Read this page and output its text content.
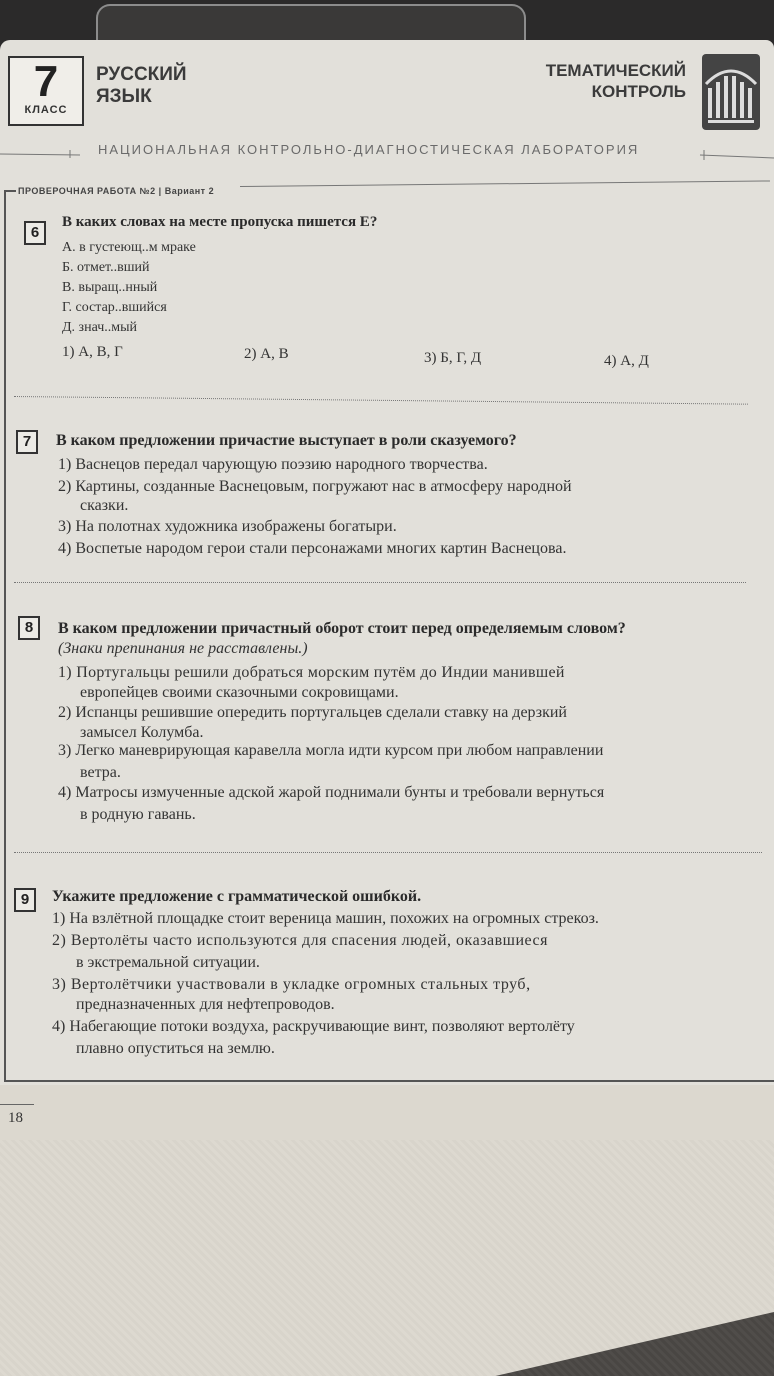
7
КЛАСС
РУССКИЙ
ЯЗЫК
ТЕМАТИЧЕСКИЙ
КОНТРОЛЬ
НАЦИОНАЛЬНАЯ КОНТРОЛЬНО-ДИАГНОСТИЧЕСКАЯ ЛАБОРАТОРИЯ
ПРОВЕРОЧНАЯ РАБОТА №2 | Вариант 2
6
В каких словах на месте пропуска пишется Е?
А. в густеющ..м мраке
Б. отмет..вший
В. выращ..нный
Г. состар..вшийся
Д. знач..мый
1) А, В, Г	2) А, В	3) Б, Г, Д	4) А, Д
7	В каком предложении причастие выступает в роли сказуемого?
1) Васнецов передал чарующую поэзию народного творчества.
2) Картины, созданные Васнецовым, погружают нас в атмосферу народной
сказки.
3) На полотнах художника изображены богатыри.
4) Воспетые народом герои стали персонажами многих картин Васнецова.
8	В каком предложении причастный оборот стоит перед определяемым словом?
(Знаки препинания не расставлены.)
1) Португальцы решили добраться морским путём до Индии манившей
европейцев своими сказочными сокровищами.
2) Испанцы решившие опередить португальцев сделали ставку на дерзкий
замысел Колумба.
3) Легко маневрирующая каравелла могла идти курсом при любом направлении
ветра.
4) Матросы измученные адской жарой поднимали бунты и требовали вернуться
в родную гавань.
9	Укажите предложение с грамматической ошибкой.
1) На взлётной площадке стоит вереница машин, похожих на огромных стрекоз.
2) Вертолёты часто используются для спасения людей, оказавшиеся
в экстремальной ситуации.
3) Вертолётчики участвовали в укладке огромных стальных труб,
предназначенных для нефтепроводов.
4) Набегающие потоки воздуха, раскручивающие винт, позволяют вертолёту
плавно опуститься на землю.
18
